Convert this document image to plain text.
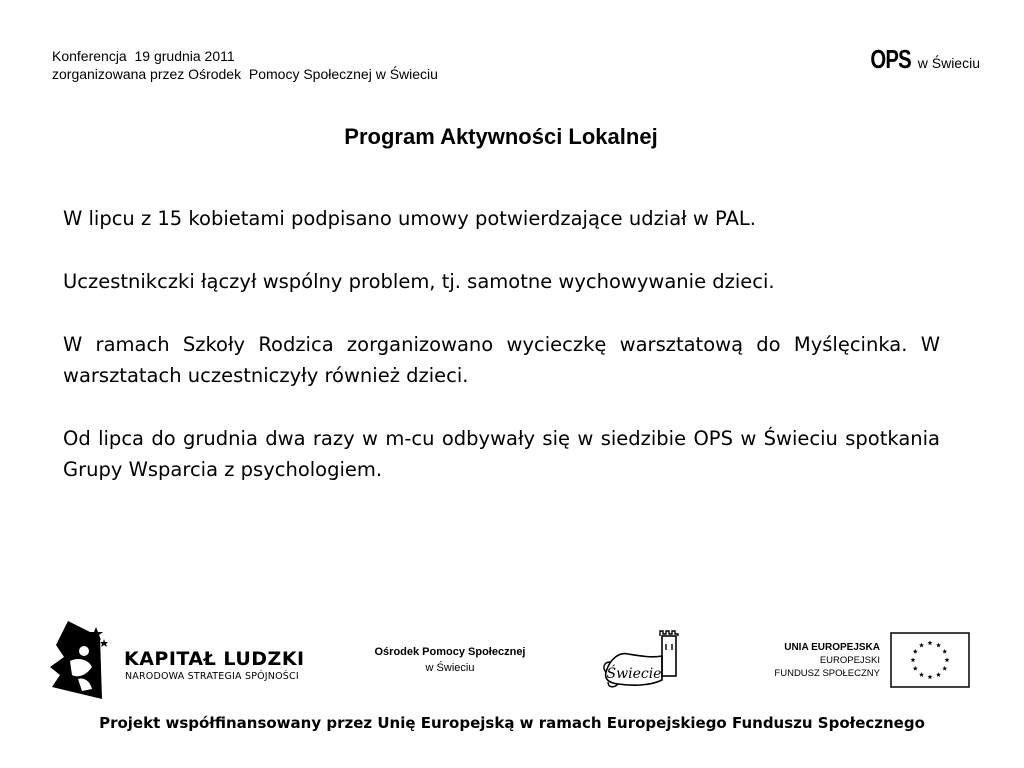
Konferencja  19 grudnia 2011
zorganizowana przez Ośrodek  Pomocy Społecznej w Świeciu	OPS w Świeciu
Program Aktywności Lokalnej

W lipcu z 15 kobietami podpisano umowy potwierdzające udział w PAL.

Uczestnikczki łączył wspólny problem, tj. samotne wychowywanie dzieci.

W ramach Szkoły Rodzica zorganizowano wycieczkę warsztatową do Myślęcinka. W warsztatach uczestniczyły również dzieci.

Od lipca do grudnia dwa razy w m-cu odbywały się w siedzibie OPS w Świeciu spotkania Grupy Wsparcia z psychologiem.

KAPITAŁ LUDZKI
NARODOWA STRATEGIA SPÓJNOŚCI
Ośrodek Pomocy Społecznej
w Świeciu	Świecie
UNIA EUROPEJSKA
EUROPEJSKI
FUNDUSZ SPOŁECZNY
Projekt współfinansowany przez Unię Europejską w ramach Europejskiego Funduszu Społecznego
